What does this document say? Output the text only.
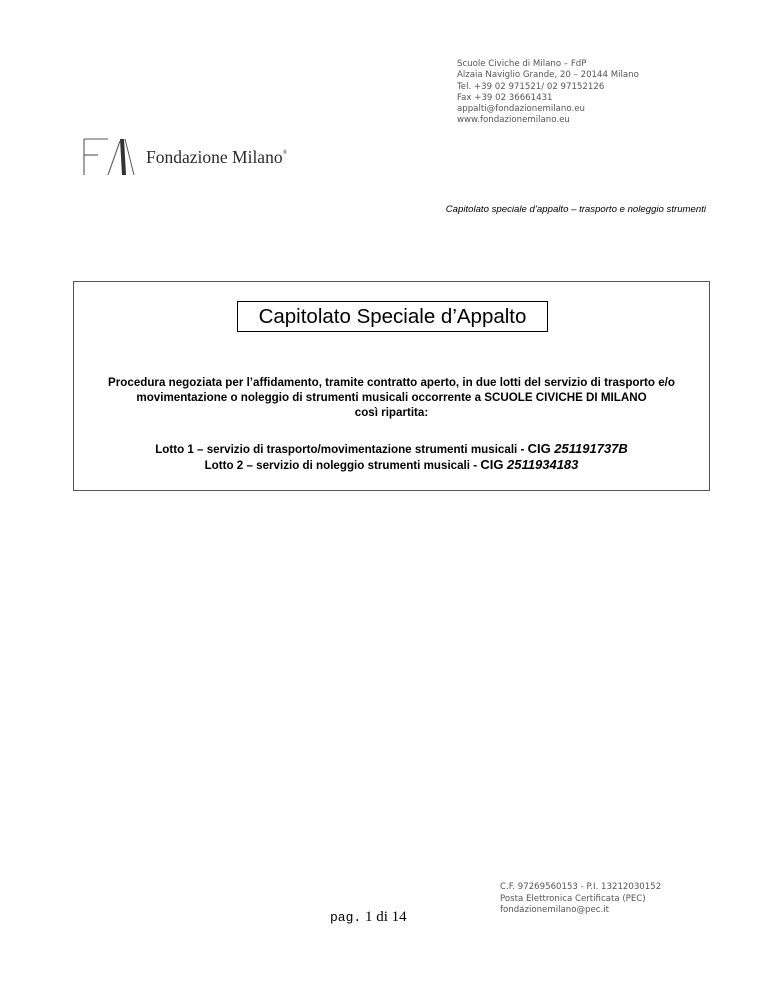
Scuole Civiche di Milano – FdP
Alzaia Naviglio Grande, 20 – 20144 Milano
Tel. +39 02 971521/ 02 97152126
Fax +39 02 36661431
appalti@fondazionemilano.eu
www.fondazionemilano.eu
Fondazione Milano®
Capitolato speciale d’appalto – trasporto e noleggio strumenti
Capitolato Speciale d’Appalto
Procedura negoziata per l’affidamento, tramite contratto aperto, in due lotti del servizio di trasporto e/o
movimentazione o noleggio di strumenti musicali occorrente a SCUOLE CIVICHE DI MILANO
così ripartita:
Lotto 1 – servizio di trasporto/movimentazione strumenti musicali - CIG 251191737B
Lotto 2 – servizio di noleggio strumenti musicali - CIG 2511934183
C.F. 97269560153 - P.I. 13212030152
Posta Elettronica Certificata (PEC)
fondazionemilano@pec.it
pag. 1 di 14
